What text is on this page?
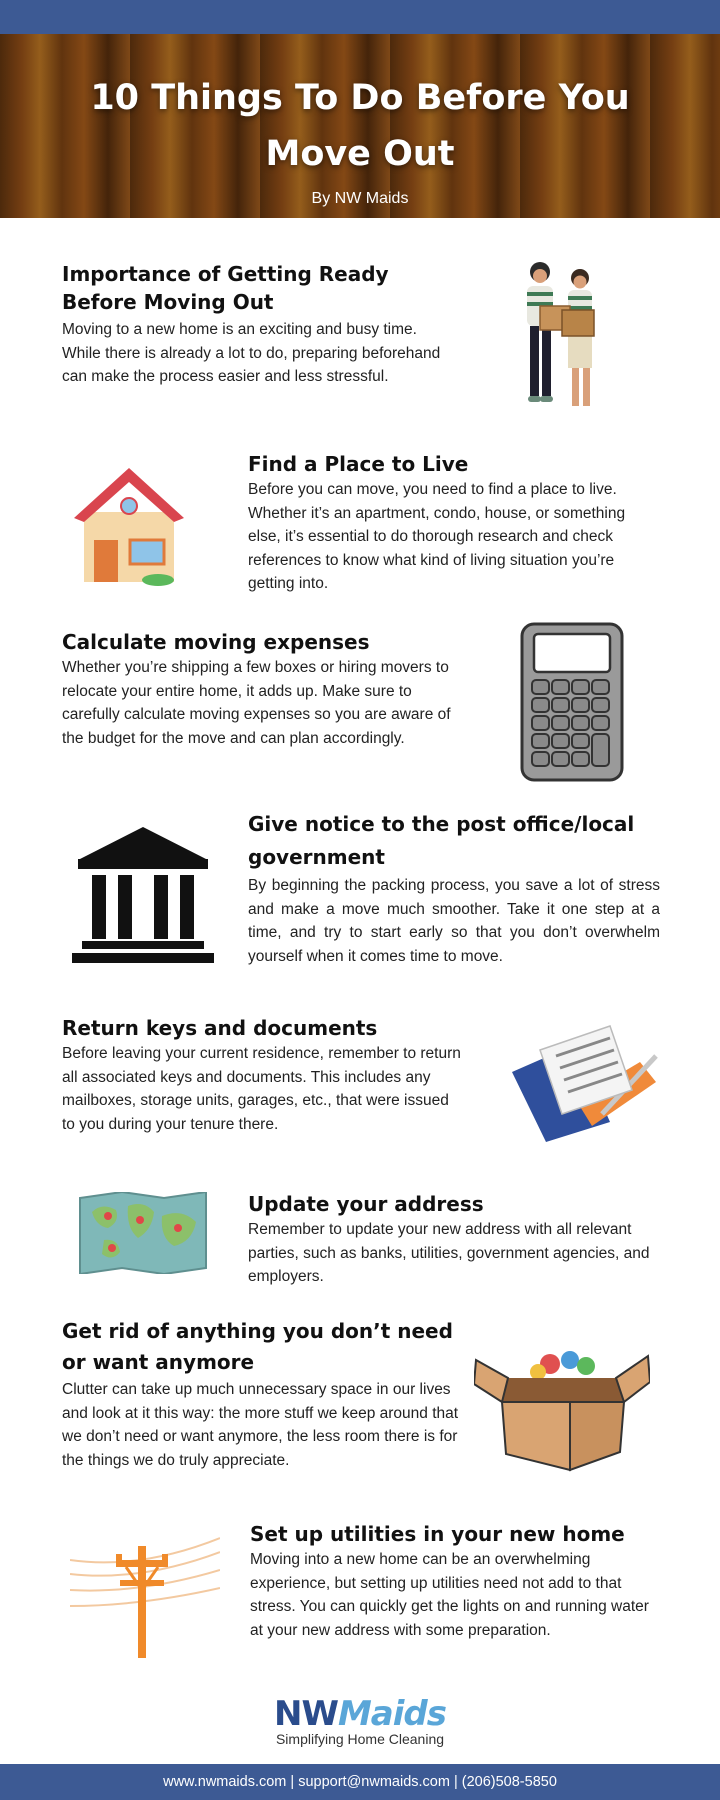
10 Things To Do Before You Move Out
By NW Maids
Importance of Getting Ready Before Moving Out

Moving to a new home is an exciting and busy time. While there is already a lot to do, preparing beforehand can make the process easier and less stressful.

Find a Place to Live

Before you can move, you need to find a place to live. Whether it’s an apartment, condo, house, or something else, it’s essential to do thorough research and check references to know what kind of living situation you’re getting into.

Calculate moving expenses

Whether you’re shipping a few boxes or hiring movers to relocate your entire home, it adds up. Make sure to carefully calculate moving expenses so you are aware of the budget for the move and can plan accordingly.

Give notice to the post office/local government

By beginning the packing process, you save a lot of stress and make a move much smoother. Take it one step at a time, and try to start early so that you don’t overwhelm yourself when it comes time to move.

Return keys and documents

Before leaving your current residence, remember to return all associated keys and documents. This includes any mailboxes, storage units, garages, etc., that were issued to you during your tenure there.

Update your address

Remember to update your new address with all relevant parties, such as banks, utilities, government agencies, and employers.

Get rid of anything you don’t need or want anymore

Clutter can take up much unnecessary space in our lives and look at it this way: the more stuff we keep around that we don’t need or want anymore, the less room there is for the things we do truly appreciate.

Set up utilities in your new home

Moving into a new home can be an overwhelming experience, but setting up utilities need not add to that stress. You can quickly get the lights on and running water at your new address with some preparation.

NWMaids
Simplifying Home Cleaning
www.nwmaids.com | support@nwmaids.com | (206)508-5850
